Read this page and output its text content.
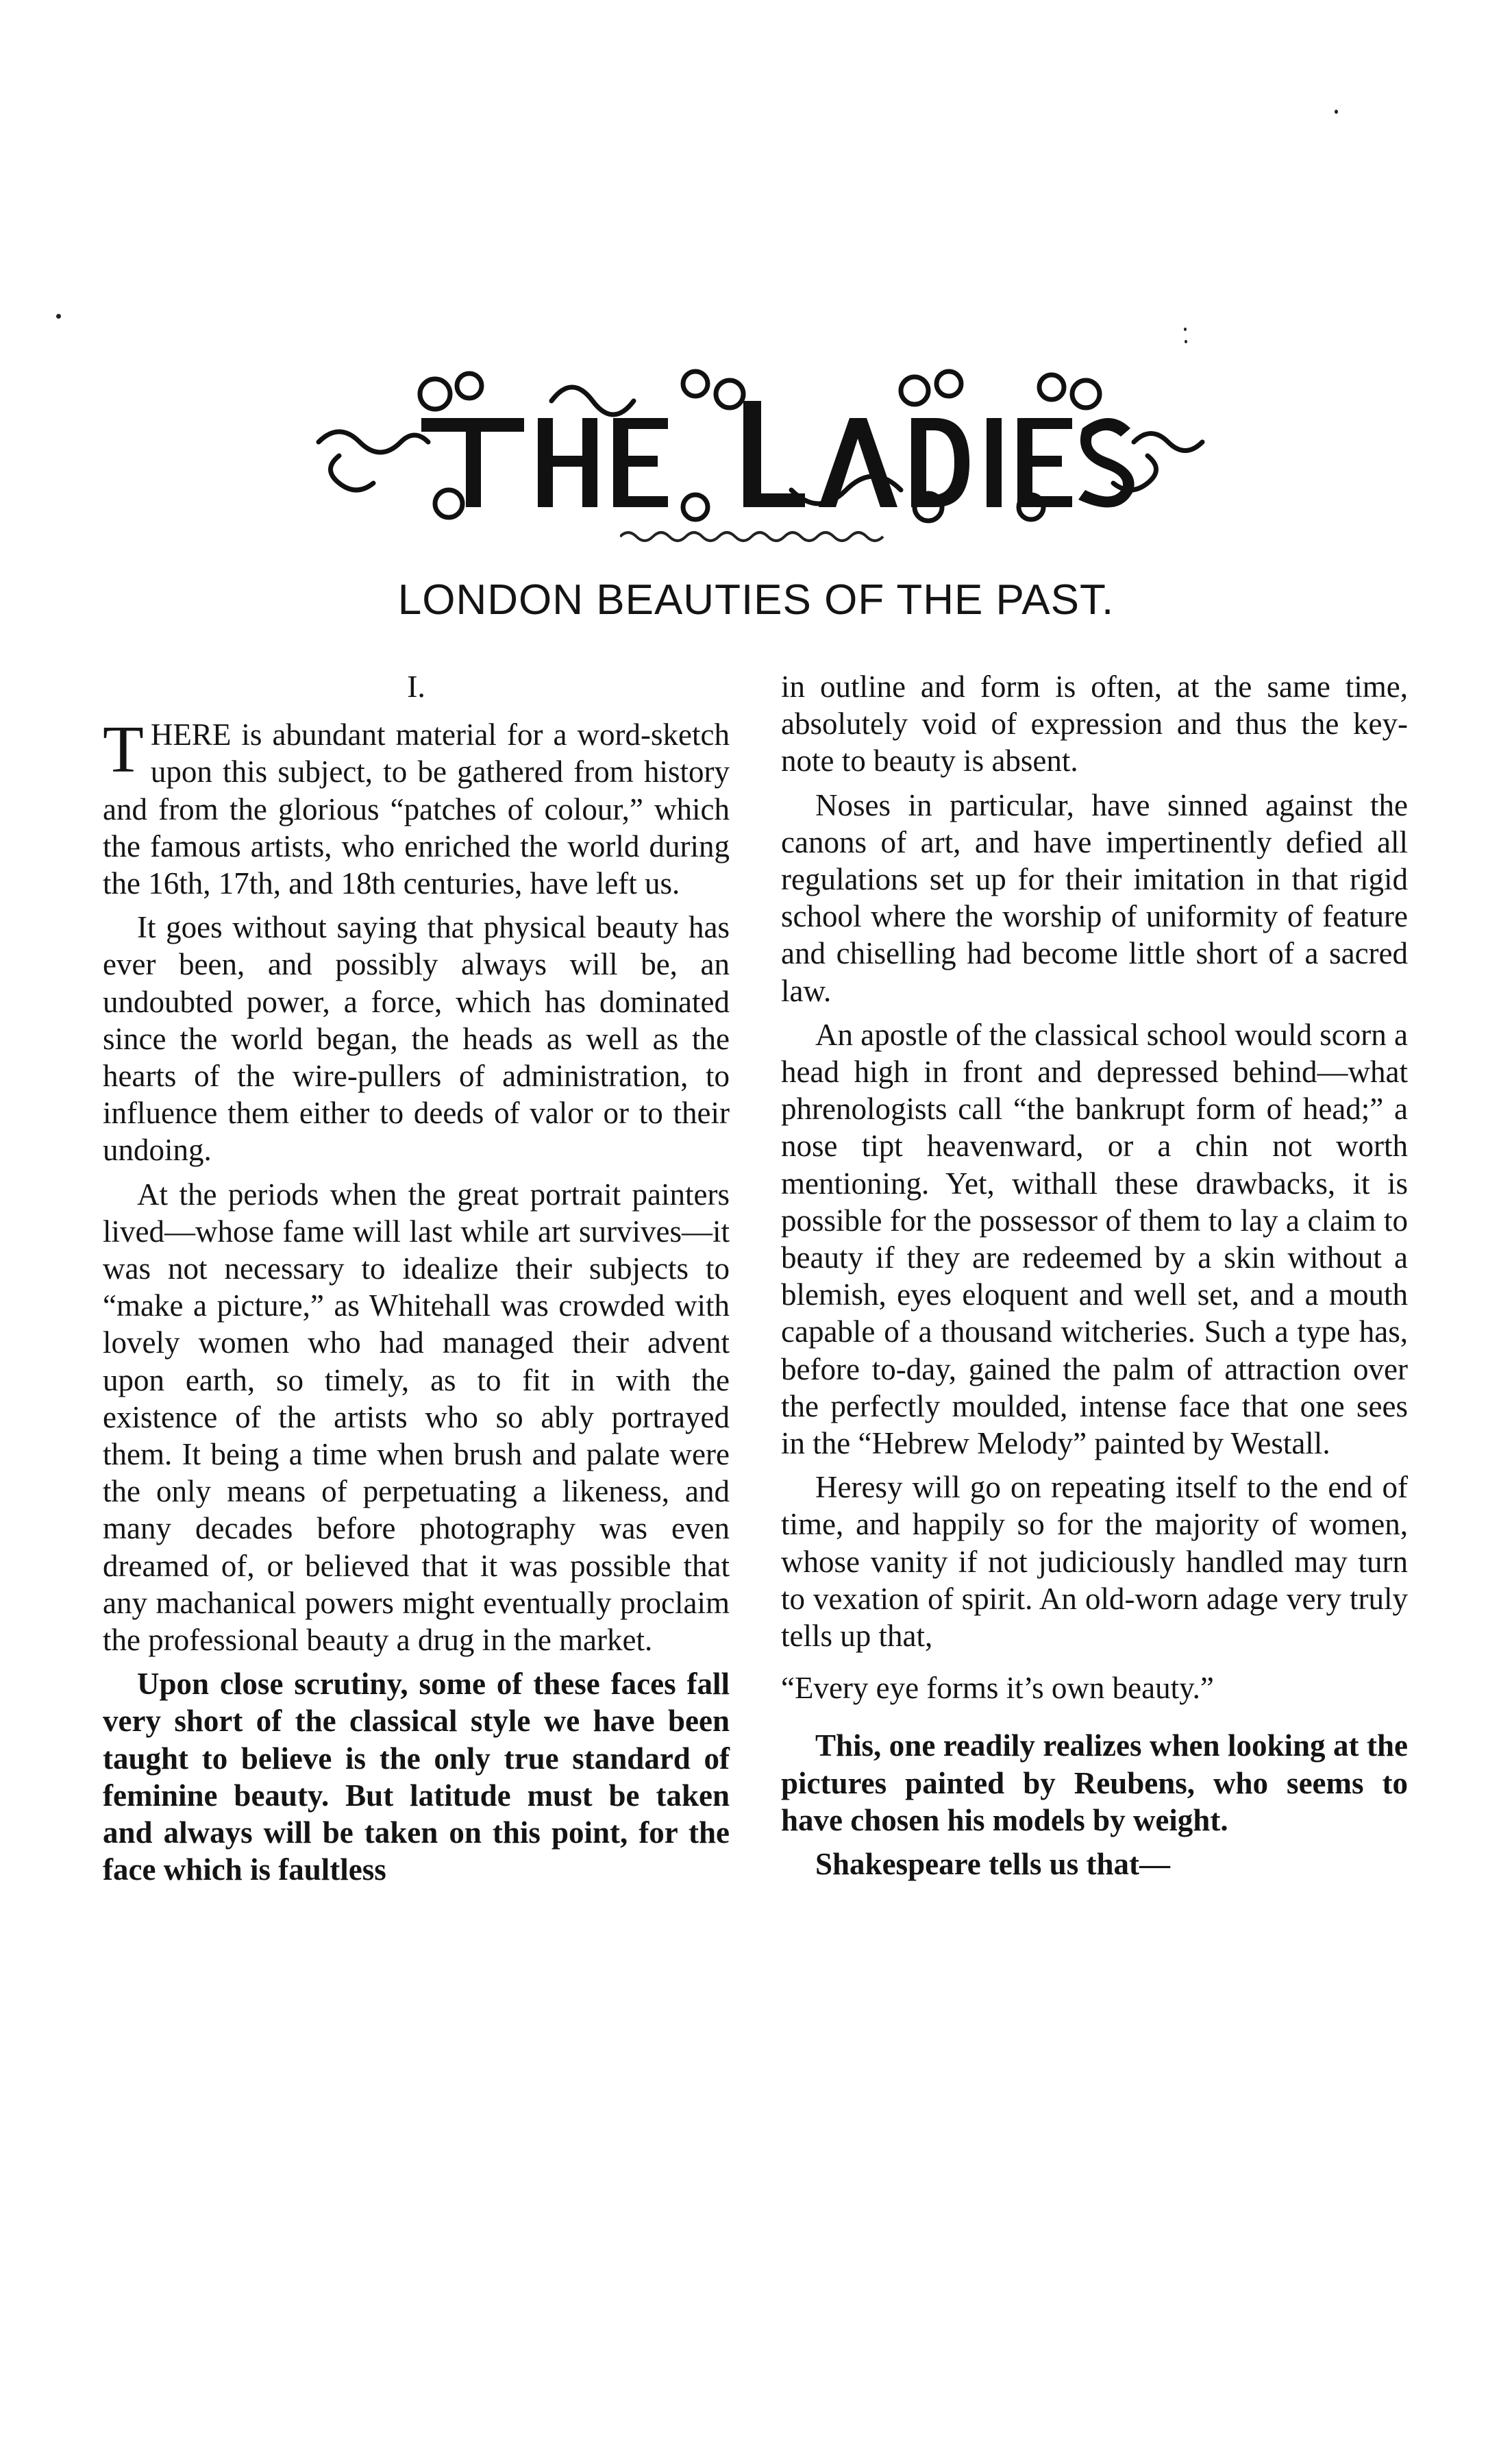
LONDON BEAUTIES OF THE PAST.
I.

THERE is abundant material for a word-sketch upon this subject, to be gathered from history and from the glorious “patches of colour,” which the famous artists, who enriched the world during the 16th, 17th, and 18th centuries, have left us.

It goes without saying that physical beauty has ever been, and possibly always will be, an undoubted power, a force, which has dominated since the world began, the heads as well as the hearts of the wire-pullers of administration, to influence them either to deeds of valor or to their undoing.

At the periods when the great portrait painters lived—whose fame will last while art survives—it was not necessary to idealize their subjects to “make a picture,” as Whitehall was crowded with lovely women who had managed their advent upon earth, so timely, as to fit in with the existence of the artists who so ably portrayed them. It being a time when brush and palate were the only means of perpetuating a likeness, and many decades before photography was even dreamed of, or believed that it was possible that any machanical powers might eventually proclaim the professional beauty a drug in the market.

Upon close scrutiny, some of these faces fall very short of the classical style we have been taught to believe is the only true standard of feminine beauty. But latitude must be taken and always will be taken on this point, for the face which is faultless

in outline and form is often, at the same time, absolutely void of expression and thus the key-note to beauty is absent.

Noses in particular, have sinned against the canons of art, and have impertinently defied all regulations set up for their imitation in that rigid school where the worship of uniformity of feature and chiselling had become little short of a sacred law.

An apostle of the classical school would scorn a head high in front and depressed behind—what phrenologists call “the bankrupt form of head;” a nose tipt heavenward, or a chin not worth mentioning. Yet, withall these drawbacks, it is possible for the possessor of them to lay a claim to beauty if they are redeemed by a skin without a blemish, eyes eloquent and well set, and a mouth capable of a thousand witcheries. Such a type has, before to-day, gained the palm of attraction over the perfectly moulded, intense face that one sees in the “Hebrew Melody” painted by Westall.

Heresy will go on repeating itself to the end of time, and happily so for the majority of women, whose vanity if not judiciously handled may turn to vexation of spirit. An old-worn adage very truly tells up that,

“Every eye forms it’s own beauty.”

This, one readily realizes when looking at the pictures painted by Reubens, who seems to have chosen his models by weight.

Shakespeare tells us that—
